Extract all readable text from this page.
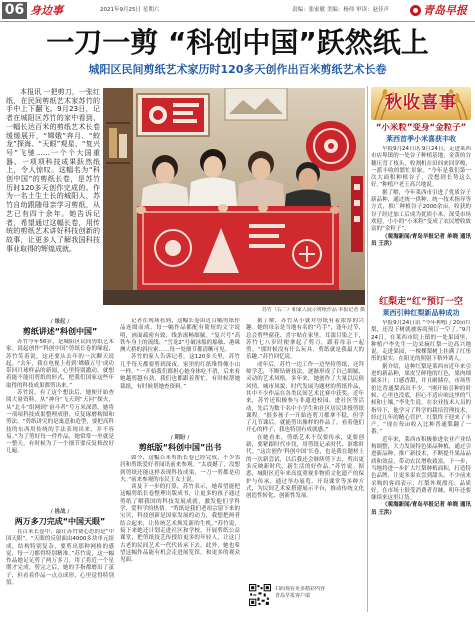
06 身边事	2021年9月25日 星期六	责编：张家敏 美编：杨伟 审读：赵佳声	青岛早报
一刀一剪 “科创中国”跃然纸上
城阳区民间剪纸艺术家历时120多天创作出百米剪纸艺术长卷

本报讯 一把剪刀，一张红纸，在民间剪纸艺术家苏竹的手中上下翻飞。9月23日，记者在城阳区苏竹的家中看到，一幅长达百米的剪纸艺术长卷缓缓展开，“嫦娥”奔月、“蛟龙”探海、“天眼”观星、“复兴号”飞驰……一个个大国重器、一项项科技成果跃然纸上，令人惊叹。这幅名为“科创中国”的剪纸长卷，是苏竹历时120多天创作完成的。作为一名土生土长的城阳人，苏竹自幼跟随母亲学习剪纸，从艺已有四十余年。她告诉记者，希望通过这幅长卷，用传统的剪纸艺术讲好科技创新的故事，让更多人了解我国科技事业取得的辉煌成就。

苏竹（右二）和家人展示剪纸作品 本报记者 摄
/ 缘起 /
剪纸讲述“科创中国”

苏竹今年56岁，是城阳区民间剪纸艺术家。说起创作“科创中国”剪纸长卷的缘起，苏竹笑着说，这还要从去年的一次聊天说起。“去年，我在电视上看到‘嫦娥五号’成功带回月球样品的新闻，心里特别激动，就想着能不能用剪纸的形式，把我们国家这些年取得的科技成果都剪出来。”

苏竹说，有了这个想法后，她便开始查阅大量资料，从“神舟”飞天到“天问”探火，从“北斗”组网到“奋斗者”号万米深潜，她将一项项科技成果整理成册，反复琢磨构图和剪法。“剪纸讲究的是寓意和造型，要把高科技的东西用传统的手法表现出来，并不容易。”为了剪好每一件作品，她常常一坐就是一整天，有时候为了一个细节要反复修改好几遍。

/ 挑战 /
两万多刀完成“中国天眼”

在百米长卷中，最让苏竹费心思的是“中国天眼”。“天眼的反射面由4000多块单元组成，结构特别复杂，要剪出那种网格的感觉，每一刀都得特别精准。”苏竹说，这一幅作品她足足剪了两万多刀，用了将近一个星期才完成。剪完之后，她的手指都磨出了茧子，但看着作品一点点成形，心里觉得特别值。

记者在现场看到，这幅长卷由近百幅剪纸作品连缀而成，每一幅作品都配有简短的文字说明，画面疏密有致，线条流畅细腻。“复兴号”高铁车身上的流线、“雪龙2”号破冰船的船舷、港珠澳大桥的斜拉索……每一处细节都清晰可见。

苏竹的家人告诉记者，这120多天里，苏竹几乎每天都要剪到深夜，家里的红纸堆得像小山一样。“一开始我们都担心她身体吃不消，后来看她越剪越有劲，我们也都跟着帮忙，有时候帮她裁纸，有时候帮她查资料。”

/ 期盼 /
剪纸版“科创中国”出书

如今，这幅百米剪纸长卷已经完成，不少邻居和剪纸爱好者闻讯前来参观。“太震撼了，没想到剪纸还能这样表现科技成果，一刀一剪都是功夫。”前来参观的市民王女士说。

谈及下一步的打算，苏竹表示，她希望能把这幅剪纸长卷整理出版成书，让更多的孩子通过剪纸了解我国的科技发展成就，激发他们学科学、爱科学的热情。“剪纸是我们老祖宗留下来的宝贝，科技创新是国家发展的动力，我想把两者结合起来，让传统艺术焕发新的生机。”苏竹说，接下来她还计划走进社区和学校，开展剪纸公益课堂，把剪纸技艺传授给更多的年轻人，让这门古老的民间艺术一代代传承下去。此外，她也希望这幅作品能有机会走进展览馆，和更多的观众见面。

据了解，苏竹从小就对剪纸有着浓厚的兴趣。她的母亲是当地有名的“巧手”，逢年过节，总会剪些窗花、喜字贴在家里。耳濡目染之下，苏竹七八岁时便拿起了剪刀，跟着母亲一起剪。“那时候没有什么玩具，剪纸就是我最大的乐趣。”苏竹回忆说。

成年后，苏竹一边工作一边坚持剪纸，还拜师学艺，不断钻研技法，逐渐形成了自己细腻、灵动的艺术风格。多年来，她创作了大量以民俗风情、城市风貌、时代发展为题材的剪纸作品，其中不少作品在各类民间艺术比赛中获奖。近年来，苏竹还积极参与非遗进校园、进社区等活动，先后为数千名中小学生和社区居民讲授剪纸课程。“很多孩子一开始连剪刀都拿不稳，但学了几节课后，就能剪出像样的作品了，看着他们开心的样子，我也特别有成就感。”

在她看来，剪纸艺术不仅要传承，更要创新，要紧跟时代步伐，用剪纸记录时代、讴歌时代。“这次创作‘科创中国’长卷，也是我在题材上的一次新尝试，以后我还会继续剪下去，剪出更多反映新时代、新生活的好作品。”苏竹说。据悉，城阳区近年来高度重视非物质文化遗产的保护与传承，通过举办展览、开设课堂等多种方式，为民间艺术家搭建展示平台，推动传统文化创造性转化、创新性发展。

扫码观看更多精彩内容
青岛早报客户端
秋收喜事
“小米粒”变身“金粒子”
莱西首季小米喜获丰收

早报9月24日讯 9月24日，走进莱西市店埠镇的一处谷子种植基地，金黄的谷穗压弯了枝头，收割机在田间来回穿梭，一派丰收的繁忙景象。“今年是我们第一次大面积种植谷子，没想到长势这么好。”种植户老王高兴地说。

据了解，今年莱西市引进了优质谷子新品种，通过统一供种、统一技术指导等方式，推广种植谷子2000余亩。收获的谷子经过加工后成为优质小米，深受市场欢迎，小小的“小米粒”变成了农民增收致富的“金粒子”。

（观海新闻/青岛早报记者 单晓 通讯员 王洪）

红梨走“红”预订一空
莱西引种红梨新品种成功

早报9月24日讯 “今年种植了20亩红梨，还没下树就被客商预订一空了。”9月24日，在莱西市院上镇的一处果园里，种植户李先生一边采摘红梨一边高兴地说。走进果园，一棵棵梨树上挂满了红彤彤的果实，在阳光的照射下格外诱人。

据介绍，这种红梨是莱西市近年来引进的新品种，果皮呈鲜艳的红色，果肉细腻多汁，口感香甜，并且耐储存，市场售价比普通梨高出不少。“刚开始引种的时候，心里也没底，担心不适应咱这里的气候和土壤。”李先生说，在农业技术人员的指导下，他学习了科学的栽培管理技术，经过几年的精心管护，红梨终于迎来了丰产。“现在每亩收入比种普通梨翻了一番。”

近年来，莱西市积极推进农业产业结构调整，大力发展特色果品种植，通过引进新品种、推广新技术，不断提升果品品质和效益，带动农民增收致富。下一步，当地将进一步扩大红梨种植面积，打造特色品牌，让更多果农尝到甜头。不少前来采购的客商表示，红梨外观漂亮、品质好，在市场上很受消费者青睐，明年还要继续来这里订货。

（观海新闻/青岛早报记者 单晓 通讯员 王洪）
